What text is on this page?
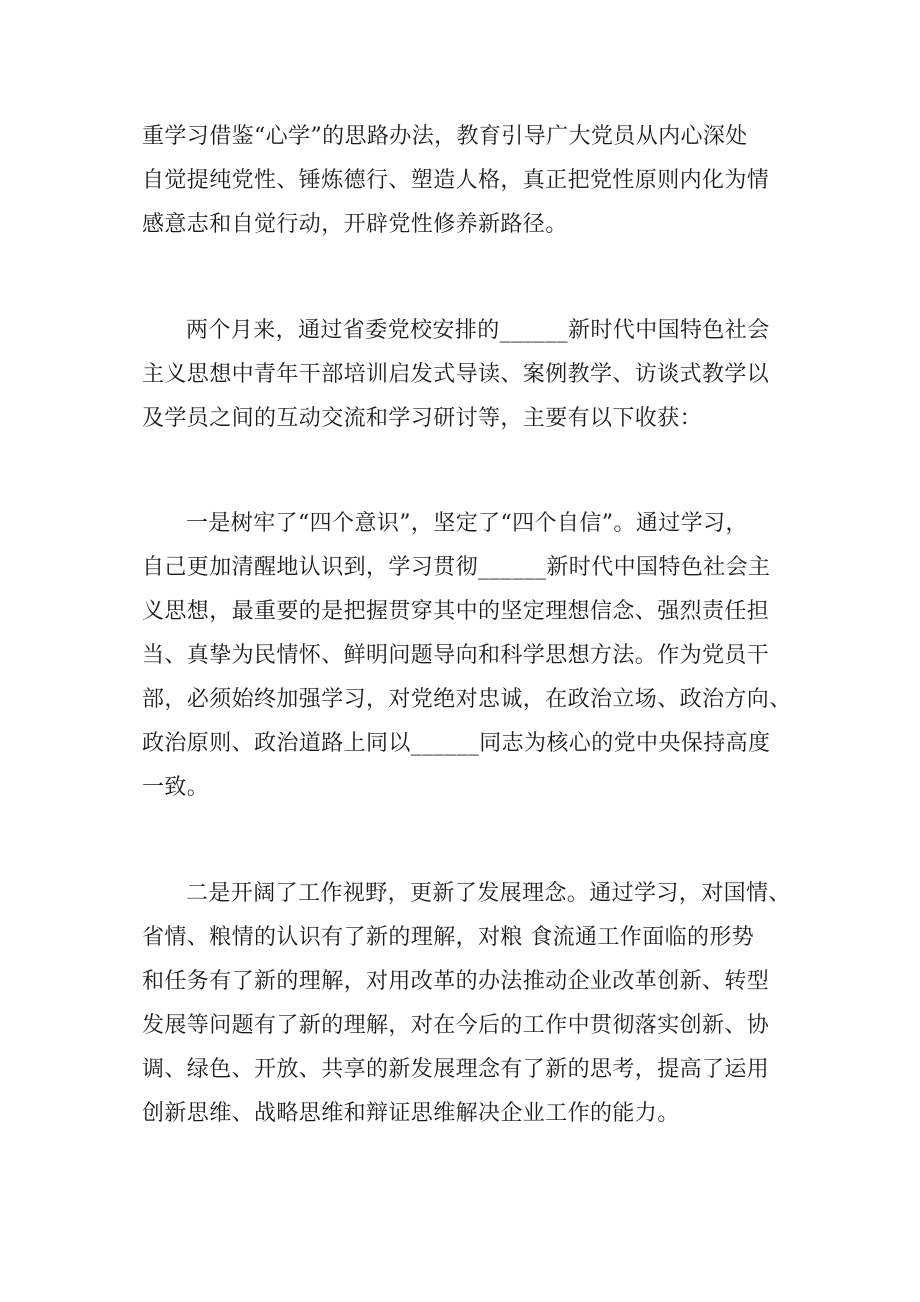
重学习借鉴“心学”的思路办法，教育引导广大党员从内心深处
自觉提纯党性、锤炼德行、塑造人格，真正把党性原则内化为情
感意志和自觉行动，开辟党性修养新路径。

两个月来，通过省委党校安排的______新时代中国特色社会
主义思想中青年干部培训启发式导读、案例教学、访谈式教学以
及学员之间的互动交流和学习研讨等，主要有以下收获：

一是树牢了“四个意识”，坚定了“四个自信”。通过学习，
自己更加清醒地认识到，学习贯彻______新时代中国特色社会主
义思想，最重要的是把握贯穿其中的坚定理想信念、强烈责任担
当、真挚为民情怀、鲜明问题导向和科学思想方法。作为党员干
部，必须始终加强学习，对党绝对忠诚，在政治立场、政治方向、
政治原则、政治道路上同以______同志为核心的党中央保持高度
一致。

二是开阔了工作视野，更新了发展理念。通过学习，对国情、
省情、粮情的认识有了新的理解，对粮 食流通工作面临的形势
和任务有了新的理解，对用改革的办法推动企业改革创新、转型
发展等问题有了新的理解，对在今后的工作中贯彻落实创新、协
调、绿色、开放、共享的新发展理念有了新的思考，提高了运用
创新思维、战略思维和辩证思维解决企业工作的能力。
